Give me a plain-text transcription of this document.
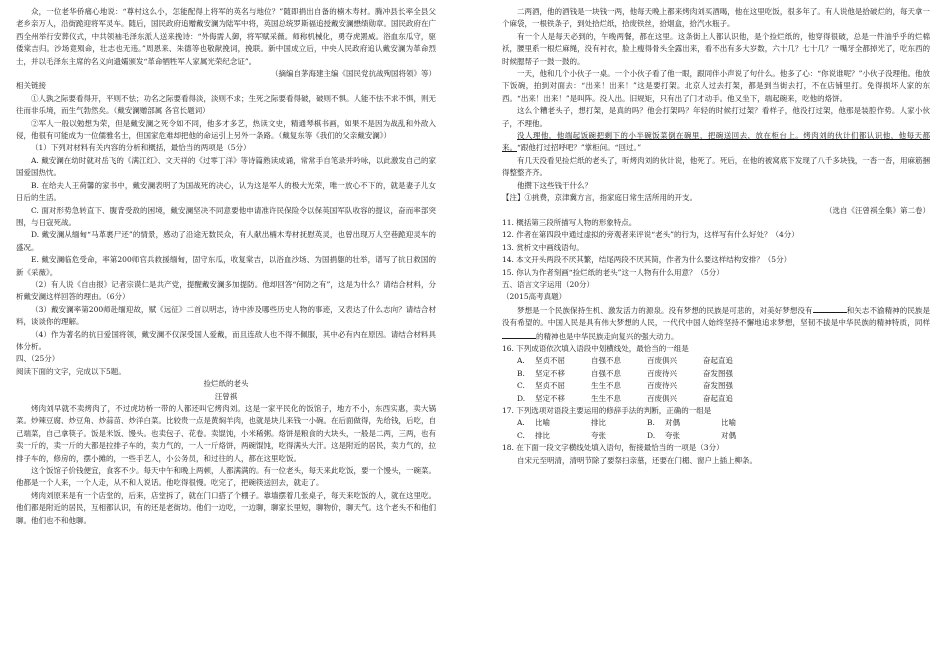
众，一位老华侨痛心地说：“尊村这么小，怎能配得上将军的英名与地位？”随即捐出自备的楠木寿材。腾冲县长率全县父老乡亲万人，沿街跪迎将军灵车。随后，国民政府追赠戴安澜为陆军中将，英国总统罗斯福追授戴安澜懋绩勋章。国民政府在广西全州举行安葬仪式，中共领袖毛泽东派人送来挽诗：“外侮需人御，将军赋采薇。师称机械化，勇夺虎罴威。浴血东瓜守，驱倭棠吉归。沙场竟殒命，壮志也无违。”周恩来、朱德等也敬献挽词，挽联。新中国成立后，中央人民政府追认戴安澜为革命烈士，并以毛泽东主席的名义向遗孀颁发“革命牺牲军人家属光荣纪念证”。

（摘编自茅海建主编《国民党抗战殉国将领》等）

相关链接

①人孰之际要看得开，平则不怯；功名之际要看得淡，淡则不求；生死之际要看得破，破则不惧。人能不怯不求不惧，则无往而非乐境，而生气勃然矣。（戴安澜赠部属 各官长题词）

②军人一般以勉想为荣，但是戴安澜之死令如不同，他多才多艺，热读文史，精通琴棋书画，如果不是因为战乱和外敌入侵，他很有可能成为一位儒雅名士，但国家危难却把他的命运引上另外一条路。（戴复东等《我们的父亲戴安澜》）

（1）下列对材料有关内容的分析和概括，最恰当的两项是（5分）

A. 戴安澜在幼时就对岳飞的《满江红》、文天祥的《过零丁洋》等诗篇熟读成诵，常常手自笔录并吟咏，以此激发自己的家国爱国热忱。

B. 在给夫人王荷馨的家书中，戴安澜表明了为国战死的决心，认为这是军人的极大光荣，唯一放心不下的，就是妻子儿女日后的生活。

C. 面对形势急转直下、腹背受敌的困境，戴安澜坚决不同意要他申请准许民保险令以保英国军队收容的提议，奋而率部突围，与日寇死战。

D. 戴安澜从缅甸“马革裹尸还”的情景，感动了沿途无数民众，有人献出楠木寿材抚慰英灵，也曾出现万人空巷跪迎灵车的盛况。

E. 戴安澜临危受命，率第200师官兵救援缅甸，固守东瓜，收复棠吉，以浴血沙场、为国捐躯的壮举，谱写了抗日救国的新《采薇》。

（2）有人说《自由报》记者宗谟仁是共产党，提醒戴安澜多加提防。他却回答“何防之有”，这是为什么？请结合材料，分析戴安澜这样回答的理由。（6分）

（3）戴安澜率第200师赴缅迎故，赋《远征》二首以明志，诗中涉及哪些历史人物的事迹，又表达了什么志向？请结合材料，谈谈你的理解。

（4）作为著名的抗日爱国将领，戴安澜不仅深受国人爱戴，而且连敌人也不得不佩服，其中必有内在原因。请结合材料具体分析。

四、（25分）

阅读下面的文字，完成以下5题。

捡烂纸的老头

汪曾祺

烤肉刘早就不卖烤肉了，不过虎坊桥一带的人都还叫它烤肉刘。这是一家平民化的饭馆子，地方不小，东西实惠，卖大锅菜。炒辣豆腐、炒豆角、炒蒜苗、炒洋白菜。比较贵一点是黄焖羊肉，也就是块儿来钱一小碗。在后面做得，先给钱，后吃，自己端菜，自己拿筷子。饭是米饭、馒头。也卖包子、花卷。卖馄饨，小米稀粥。烙饼是粮食的大块头，一般是二两，三两，也有卖一斤的，卖一斤的大都是拉排子车的，卖力气的，一人一斤烙饼，两碗馄饨，吃得满头大汗。这是附近的居民，卖力气的，拉排子车的，修房的，摆小摊的，一些手艺人，小公务员，和过往的人，都在这里吃饭。

这个饭馆子价钱便宜，食客不少。每天中午和晚上两顿，人都满满的。有一位老头，每天来此吃饭，要一个馒头，一碗菜。他都是一个人来，一个人走，从不和人说话。他吃得很慢。吃完了，把碗筷送回去，就走了。

烤肉刘原来是有一个店堂的，后来，店堂拆了，就在门口搭了个棚子。靠墙摆着几张桌子，每天来吃饭的人，就在这里吃。他们都是附近的居民，互相都认识，有的还是老街坊。他们一边吃，一边聊，聊家长里短，聊物价，聊天气。这个老头不和他们聊。他们也不和他聊。

二两酒，他的酒钱是一块钱一两，他每天晚上都来烤肉刘买酒喝，他在这里吃饭，很多年了。有人说他是拾破烂的，每天拿一个麻袋，一根铁条子，到处拾烂纸，拾废铁丝，拾烟盒，拾汽水瓶子。

有一个人是每天必到的，午晚两餐，都在这里。这条街上人都认识他，是个捡烂纸的，他穿得很破，总是一件油乎乎的烂棉袄，腰里系一根烂麻绳，没有衬衣，脸上瘦得骨头全露出来，看不出有多大岁数，六十几？七十几？一嘴牙全都掉光了，吃东西的时候腮帮子一鼓一鼓的。

一天，他和几个小伙子一桌。一个小伙子看了他一眼，跟同伴小声说了句什么。他多了心：“你说谁呢？”小伙子没理他。他放下饭碗，拍到对面去：“出来！出来！”这是要打架。北京人过去打架，都是到当街去打，不在店铺里打。免得损坏人家的东西。“出来！出来！”是叫阵。没人出。旧规矩，只有出了门才动手。他又坐下，端起碗来，吃他的烙饼。

这么个糟老头子，想打架，是真的吗？他会打架吗？年轻的时候打过架？看样子，他没打过架，他那是装腔作势。人家小伙子，不理他。

没人理他，他端起饭碗把剩下的小半碗饭菜倒在碗里，把碗送回去，放在柜台上。烤肉刘的伙计们都认识他，他每天都来。“跟他打过招呼吧？”掌柜问。“回过。”

有几天没看见捡烂纸的老头了，听烤肉刘的伙计说，他死了。死后，在他的被窝底下发现了八千多块钱，一沓一沓，用麻筋捆得整整齐齐。

他攒下这些钱干什么？

【注】①挑费，京津冀方言，指家庭日常生活所用的开支。

（选自《汪曾祺全集》第二卷）

11. 概括第三段所描写人物的形象特点。

12. 作者在第四段中通过虚拟的旁观者来评说“老头”的行为，这样写有什么好处？（4分）

13. 赏析文中画线语句。

14. 本文开头两段不厌其繁，结尾两段不厌其简，作者为什么要这样结构安排？（5分）

15. 你认为作者刻画“捡烂纸的老头”这一人物有什么用意？（5分）

五、语言文字运用（20分）

（2015高考真题）

梦想是一个民族保持生机、激发活力的源泉。没有梦想的民族是可悲的，对美好梦想没有	和矢志不渝精神的民族是没有希望的。中国人民是具有伟大梦想的人民，一代代中国人始终坚持不懈地追求梦想，坚韧不拔是中华民族的精神特质，同样的精神也是中华民族走向复兴的强大动力。

16. 下列成语依次填入语段中划横线处，最恰当的一组是

A.	坚贞不屈	自强不息	百废俱兴	奋起直追
B.	坚定不移	自强不息	百废待兴	奋发图强
C.	坚贞不屈	生生不息	百废待兴	奋发图强
D.	坚定不移	生生不息	百废俱兴	奋起直追

17. 下列选项对语段主要运用的修辞手法的判断，正确的一组是

A.	比喻	排比	B.	对偶	比喻
C.	排比	夸张	D.	夸张	对偶

18. 在下面一段文字横线处填入语句，衔接最恰当的一项是（3分）

自宋元至明清，清明节除了要祭扫亲墓，还要在门楣、窗户上插上柳条。
